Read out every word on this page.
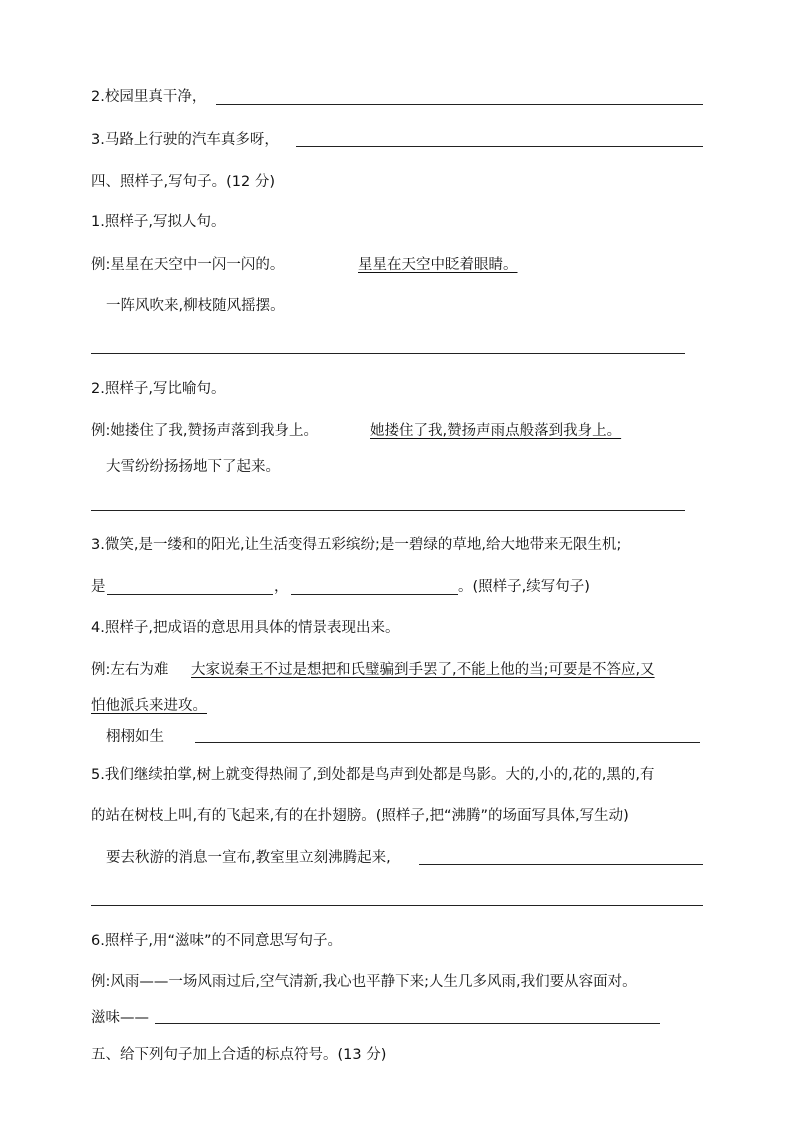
2.校园里真干净，
3.马路上行驶的汽车真多呀，
四、照样子,写句子。(12 分)
1.照样子,写拟人句。
例:星星在天空中一闪一闪的。	星星在天空中眨着眼睛。
一阵风吹来,柳枝随风摇摆。
2.照样子,写比喻句。
例:她搂住了我,赞扬声落到我身上。	她搂住了我,赞扬声雨点般落到我身上。
大雪纷纷扬扬地下了起来。
3.微笑,是一缕和的阳光,让生活变得五彩缤纷;是一碧绿的草地,给大地带来无限生机;
是	，	。(照样子,续写句子)
4.照样子,把成语的意思用具体的情景表现出来。
例:左右为难 大家说秦王不过是想把和氏璧骗到手罢了,不能上他的当;可要是不答应,又
怕他派兵来进攻。
栩栩如生
5.我们继续拍掌,树上就变得热闹了,到处都是鸟声到处都是鸟影。大的,小的,花的,黑的,有
的站在树枝上叫,有的飞起来,有的在扑翅膀。(照样子,把“沸腾”的场面写具体,写生动)
要去秋游的消息一宣布,教室里立刻沸腾起来,
6.照样子,用“滋味”的不同意思写句子。
例:风雨——一场风雨过后,空气清新,我心也平静下来;人生几多风雨,我们要从容面对。
滋味——
五、给下列句子加上合适的标点符号。(13 分)
